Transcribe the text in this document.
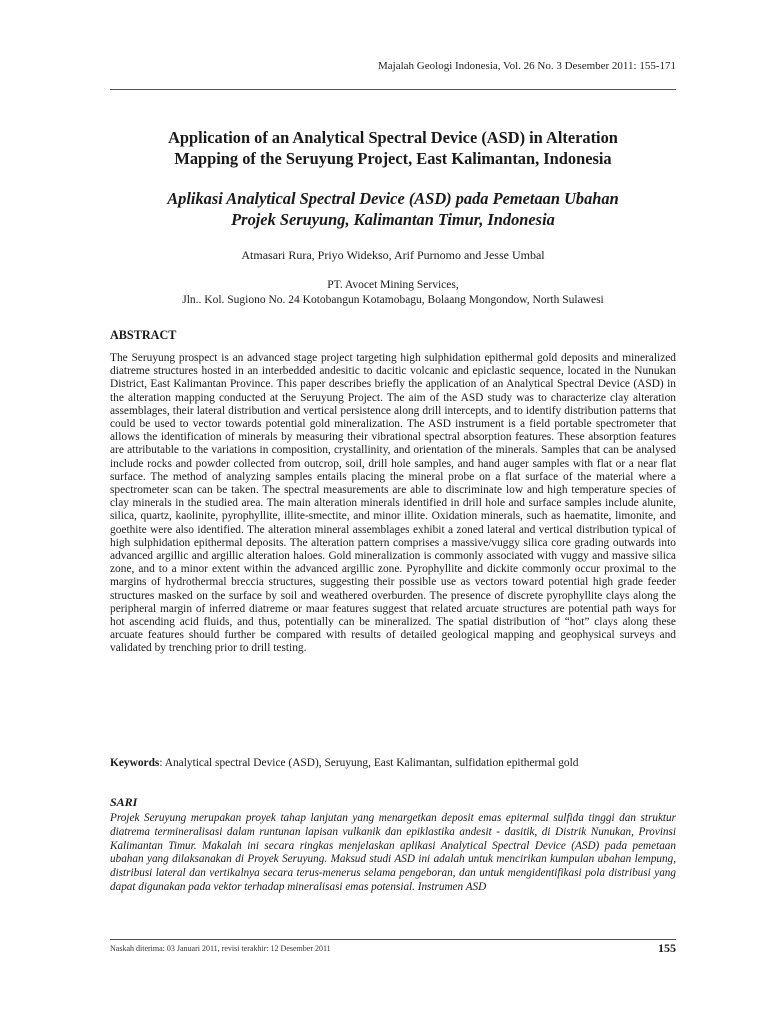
Majalah Geologi Indonesia, Vol. 26 No. 3 Desember 2011: 155-171
Application of an Analytical Spectral Device (ASD) in Alteration
Mapping of the Seruyung Project, East Kalimantan, Indonesia
Aplikasi Analytical Spectral Device (ASD) pada Pemetaan Ubahan
Projek Seruyung, Kalimantan Timur, Indonesia
Atmasari Rura, Priyo Widekso, Arif Purnomo and Jesse Umbal
PT. Avocet Mining Services,
Jln.. Kol. Sugiono No. 24 Kotobangun Kotamobagu, Bolaang Mongondow, North Sulawesi
ABSTRACT

The Seruyung prospect is an advanced stage project targeting high sulphidation epithermal gold deposits and mineralized diatreme structures hosted in an interbedded andesitic to dacitic volcanic and epiclastic sequence, located in the Nunukan District, East Kalimantan Province. This paper describes briefly the application of an Analytical Spectral Device (ASD) in the alteration mapping conducted at the Seruyung Project. The aim of the ASD study was to characterize clay alteration assemblages, their lateral distribution and vertical persistence along drill intercepts, and to identify distribution patterns that could be used to vector towards potential gold mineralization. The ASD instrument is a field portable spectrometer that allows the identification of minerals by measuring their vibrational spectral absorption features. These absorption features are attributable to the variations in composition, crystallinity, and orientation of the minerals. Samples that can be analysed include rocks and powder collected from outcrop, soil, drill hole samples, and hand auger samples with flat or a near flat surface. The method of analyzing samples entails placing the mineral probe on a flat surface of the material where a spectrometer scan can be taken. The spectral measurements are able to discriminate low and high temperature species of clay minerals in the studied area. The main alteration minerals identified in drill hole and surface samples include alunite, silica, quartz, kaolinite, pyrophyllite, illite-smectite, and minor illite. Oxidation minerals, such as haematite, limonite, and goethite were also identified. The alteration mineral assemblages exhibit a zoned lateral and vertical distribution typical of high sulphidation epithermal deposits. The alteration pattern comprises a massive/vuggy silica core grading outwards into advanced argillic and argillic alteration haloes. Gold mineralization is commonly associated with vuggy and massive silica zone, and to a minor extent within the advanced argillic zone. Pyrophyllite and dickite commonly occur proximal to the margins of hydrothermal breccia structures, suggesting their possible use as vectors toward potential high grade feeder structures masked on the surface by soil and weathered overburden. The presence of discrete pyrophyllite clays along the peripheral margin of inferred diatreme or maar features suggest that related arcuate structures are potential path ways for hot ascending acid fluids, and thus, potentially can be mineralized. The spatial distribution of “hot” clays along these arcuate features should further be compared with results of detailed geological mapping and geophysical surveys and validated by trenching prior to drill testing.

Keywords: Analytical spectral Device (ASD), Seruyung, East Kalimantan, sulfidation epithermal gold
SARI

Projek Seruyung merupakan proyek tahap lanjutan yang menargetkan deposit emas epitermal sulfida tinggi dan struktur diatrema termineralisasi dalam runtunan lapisan vulkanik dan epiklastika andesit - dasitik, di Distrik Nunukan, Provinsi Kalimantan Timur. Makalah ini secara ringkas menjelaskan aplikasi Analytical Spectral Device (ASD) pada pemetaan ubahan yang dilaksanakan di Proyek Seruyung. Maksud studi ASD ini adalah untuk mencirikan kumpulan ubahan lempung, distribusi lateral dan vertikalnya secara terus-menerus selama pengeboran, dan untuk mengidentifikasi pola distribusi yang dapat digunakan pada vektor terhadap mineralisasi emas potensial. Instrumen ASD

Naskah diterima: 03 Januari 2011, revisi terakhir: 12 Desember 2011	155
